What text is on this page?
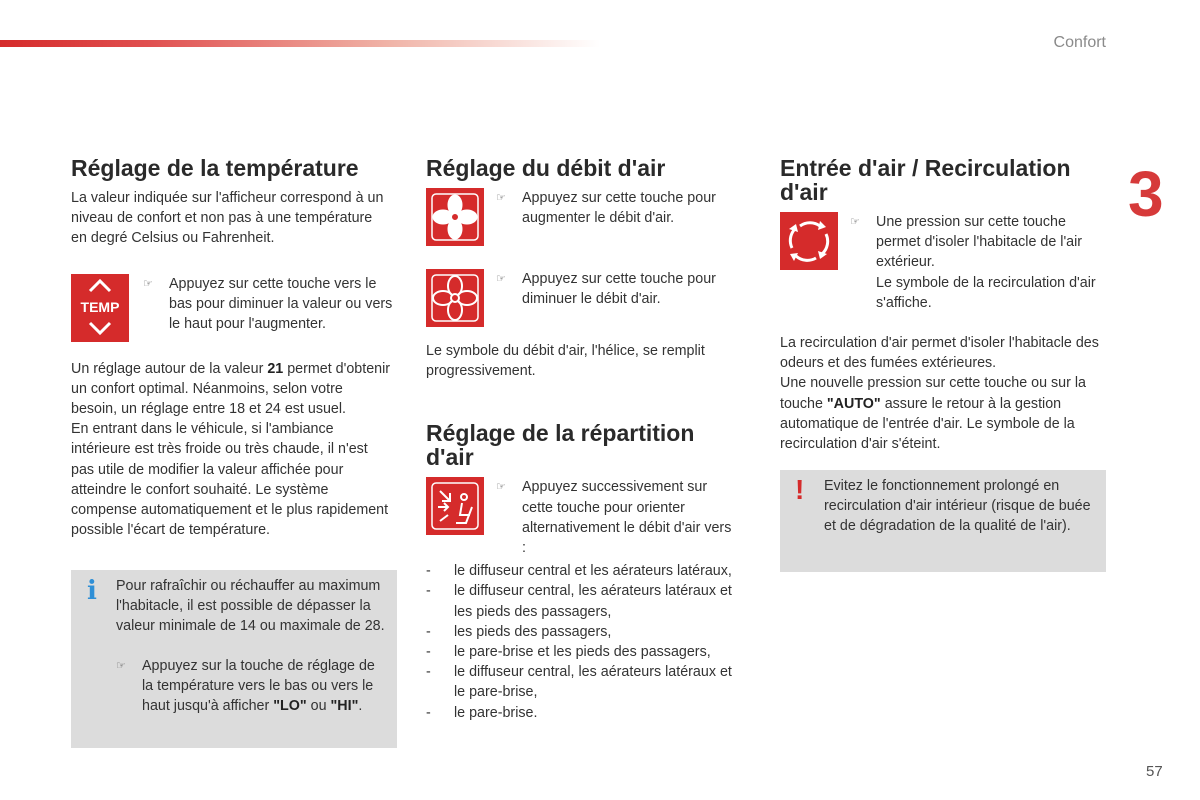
Confort
3
57
Réglage de la température

La valeur indiquée sur l'afficheur correspond à un niveau de confort et non pas à une température en degré Celsius ou Fahrenheit.

TEMP
☞	Appuyez sur cette touche vers le bas pour diminuer la valeur ou vers le haut pour l'augmenter.

Un réglage autour de la valeur 21 permet d'obtenir un confort optimal. Néanmoins, selon votre besoin, un réglage entre 18 et 24 est usuel.

En entrant dans le véhicule, si l'ambiance intérieure est très froide ou très chaude, il n'est pas utile de modifier la valeur affichée pour atteindre le confort souhaité. Le système compense automatiquement et le plus rapidement possible l'écart de température.

i Pour rafraîchir ou réchauffer au maximum l'habitacle, il est possible de dépasser la valeur minimale de 14 ou maximale de 28.

☞	Appuyez sur la touche de réglage de la température vers le bas ou vers le haut jusqu'à afficher "LO" ou "HI".

Réglage du débit d'air
☞	Appuyez sur cette touche pour augmenter le débit d'air.

☞	Appuyez sur cette touche pour diminuer le débit d'air.

Le symbole du débit d'air, l'hélice, se remplit progressivement.

Réglage de la répartition d'air
☞	Appuyez successivement sur cette touche pour orienter alternativement le débit d'air vers :

-	le diffuseur central et les aérateurs latéraux,
-	le diffuseur central, les aérateurs latéraux et les pieds des passagers,
-	les pieds des passagers,
-	le pare-brise et les pieds des passagers,
-	le diffuseur central, les aérateurs latéraux et le pare-brise,
-	le pare-brise.
Entrée d'air / Recirculation d'air
☞	Une pression sur cette touche permet d'isoler l'habitacle de l'air extérieur.

Le symbole de la recirculation d'air s'affiche.

La recirculation d'air permet d'isoler l'habitacle des odeurs et des fumées extérieures.

Une nouvelle pression sur cette touche ou sur la touche "AUTO" assure le retour à la gestion automatique de l'entrée d'air. Le symbole de la recirculation d'air s'éteint.

! Evitez le fonctionnement prolongé en recirculation d'air intérieur (risque de buée et de dégradation de la qualité de l'air).
